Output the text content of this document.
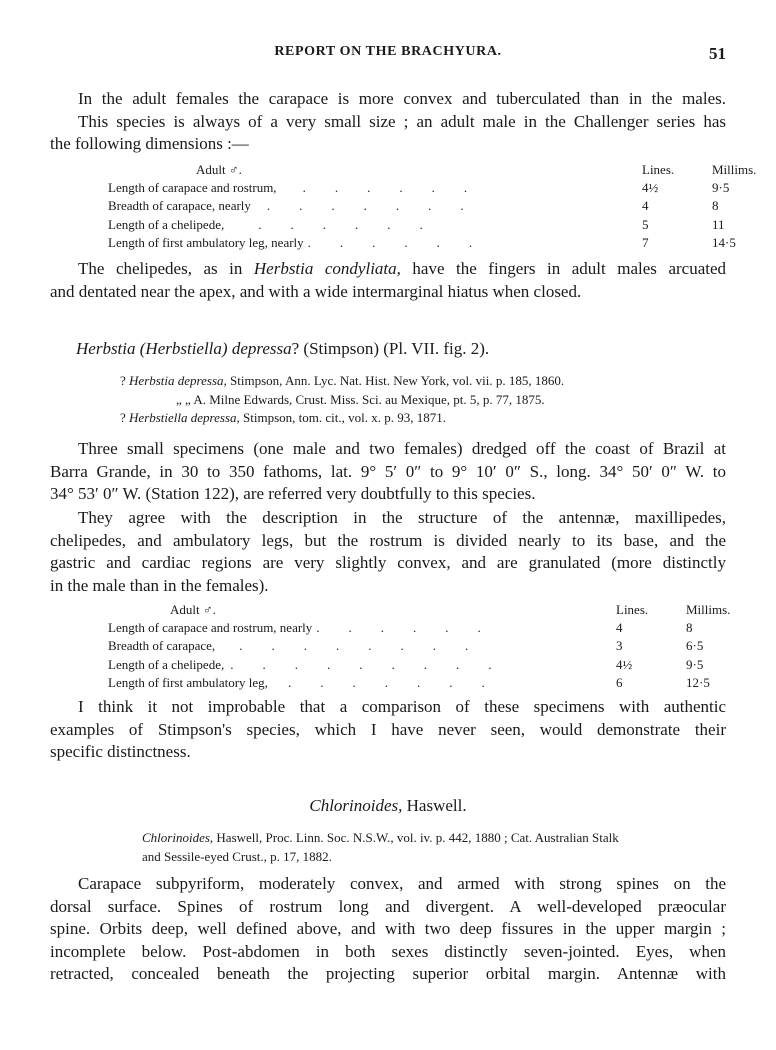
REPORT ON THE BRACHYURA.	51
In the adult females the carapace is more convex and tuberculated than in the males.
This species is always of a very small size ; an adult male in the Challenger series has
the following dimensions :—
Adult ♂.	Lines.	Millims.
Length of carapace and rostrum, ......	4½	9·5
Breadth of carapace, nearly .......	4	8
Length of a chelipede, ......	5	11
Length of first ambulatory leg, nearly ......	7	14·5
The chelipedes, as in Herbstia condyliata, have the fingers in adult males arcuated
and dentated near the apex, and with a wide intermarginal hiatus when closed.
Herbstia (Herbstiella) depressa? (Stimpson) (Pl. VII. fig. 2).
? Herbstia depressa, Stimpson, Ann. Lyc. Nat. Hist. New York, vol. vii. p. 185, 1860.
„ „ A. Milne Edwards, Crust. Miss. Sci. au Mexique, pt. 5, p. 77, 1875.
? Herbstiella depressa, Stimpson, tom. cit., vol. x. p. 93, 1871.
Three small specimens (one male and two females) dredged off the coast of Brazil at
Barra Grande, in 30 to 350 fathoms, lat. 9° 5′ 0″ to 9° 10′ 0″ S., long. 34° 50′ 0″ W. to
34° 53′ 0″ W. (Station 122), are referred very doubtfully to this species.
They agree with the description in the structure of the antennæ, maxillipedes,
chelipedes, and ambulatory legs, but the rostrum is divided nearly to its base, and the
gastric and cardiac regions are very slightly convex, and are granulated (more distinctly
in the male than in the females).
Adult ♂.	Lines.	Millims.
Length of carapace and rostrum, nearly ......	4	8
Breadth of carapace, ........	3	6·5
Length of a chelipede, .........	4½	9·5
Length of first ambulatory leg, .......	6	12·5
I think it not improbable that a comparison of these specimens with authentic
examples of Stimpson's species, which I have never seen, would demonstrate their
specific distinctness.
Chlorinoides, Haswell.
Chlorinoides, Haswell, Proc. Linn. Soc. N.S.W., vol. iv. p. 442, 1880 ; Cat. Australian Stalk
and Sessile-eyed Crust., p. 17, 1882.
Carapace subpyriform, moderately convex, and armed with strong spines on the
dorsal surface. Spines of rostrum long and divergent. A well-developed præocular
spine. Orbits deep, well defined above, and with two deep fissures in the upper margin ;
incomplete below. Post-abdomen in both sexes distinctly seven-jointed. Eyes, when
retracted, concealed beneath the projecting superior orbital margin. Antennæ with
